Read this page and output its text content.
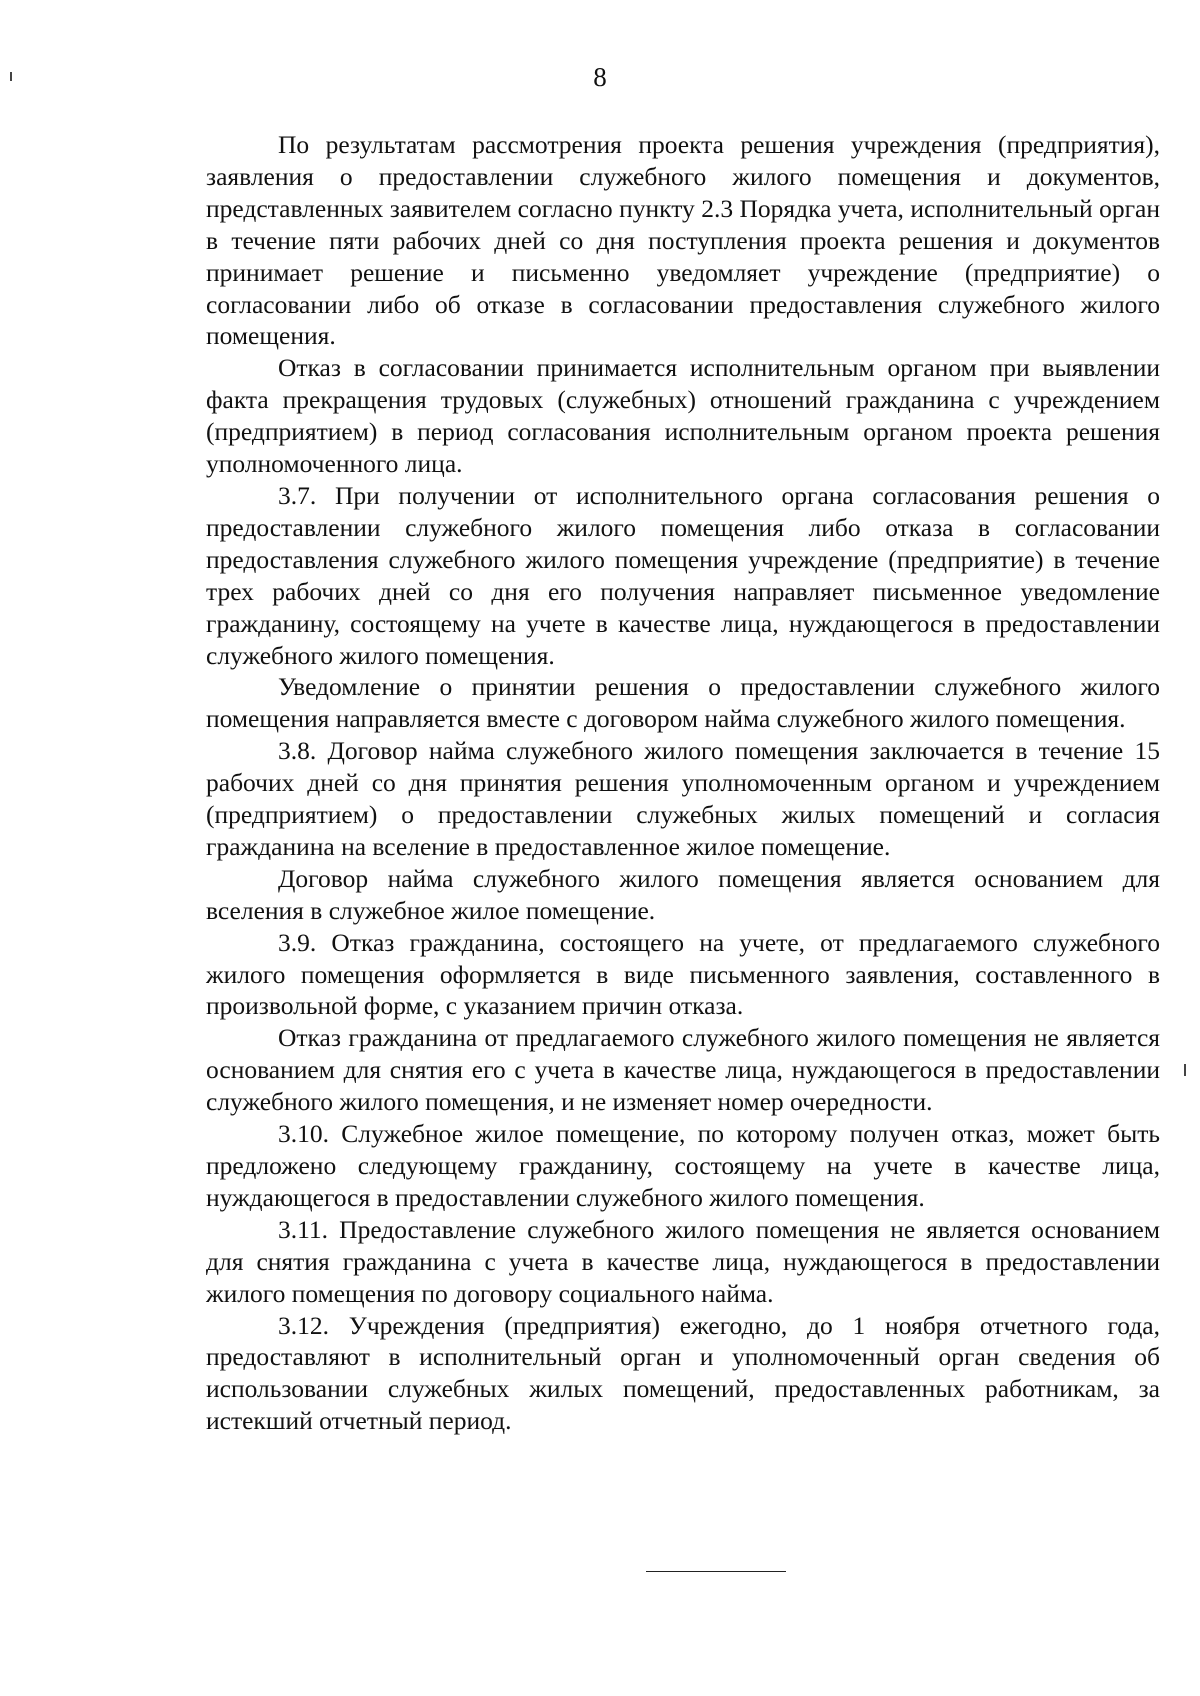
8

По результатам рассмотрения проекта решения учреждения (предприятия), заявления о предоставлении служебного жилого помещения и документов, представленных заявителем согласно пункту 2.3 Порядка учета, исполнительный орган в течение пяти рабочих дней со дня поступления проекта решения и документов принимает решение и письменно уведомляет учреждение (предприятие) о согласовании либо об отказе в согласовании предоставления служебного жилого помещения.

Отказ в согласовании принимается исполнительным органом при выявлении факта прекращения трудовых (служебных) отношений гражданина с учреждением (предприятием) в период согласования исполнительным органом проекта решения уполномоченного лица.

3.7. При получении от исполнительного органа согласования решения о предоставлении служебного жилого помещения либо отказа в согласовании предоставления служебного жилого помещения учреждение (предприятие) в течение трех рабочих дней со дня его получения направляет письменное уведомление гражданину, состоящему на учете в качестве лица, нуждающегося в предоставлении служебного жилого помещения.

Уведомление о принятии решения о предоставлении служебного жилого помещения направляется вместе с договором найма служебного жилого помещения.

3.8. Договор найма служебного жилого помещения заключается в течение 15 рабочих дней со дня принятия решения уполномоченным органом и учреждением (предприятием) о предоставлении служебных жилых помещений и согласия гражданина на вселение в предоставленное жилое помещение.

Договор найма служебного жилого помещения является основанием для вселения в служебное жилое помещение.

3.9. Отказ гражданина, состоящего на учете, от предлагаемого служебного жилого помещения оформляется в виде письменного заявления, составленного в произвольной форме, с указанием причин отказа.

Отказ гражданина от предлагаемого служебного жилого помещения не является основанием для снятия его с учета в качестве лица, нуждающегося в предоставлении служебного жилого помещения, и не изменяет номер очередности.

3.10. Служебное жилое помещение, по которому получен отказ, может быть предложено следующему гражданину, состоящему на учете в качестве лица, нуждающегося в предоставлении служебного жилого помещения.

3.11. Предоставление служебного жилого помещения не является основанием для снятия гражданина с учета в качестве лица, нуждающегося в предоставлении жилого помещения по договору социального найма.

3.12. Учреждения (предприятия) ежегодно, до 1 ноября отчетного года, предоставляют в исполнительный орган и уполномоченный орган сведения об использовании служебных жилых помещений, предоставленных работникам, за истекший отчетный период.
